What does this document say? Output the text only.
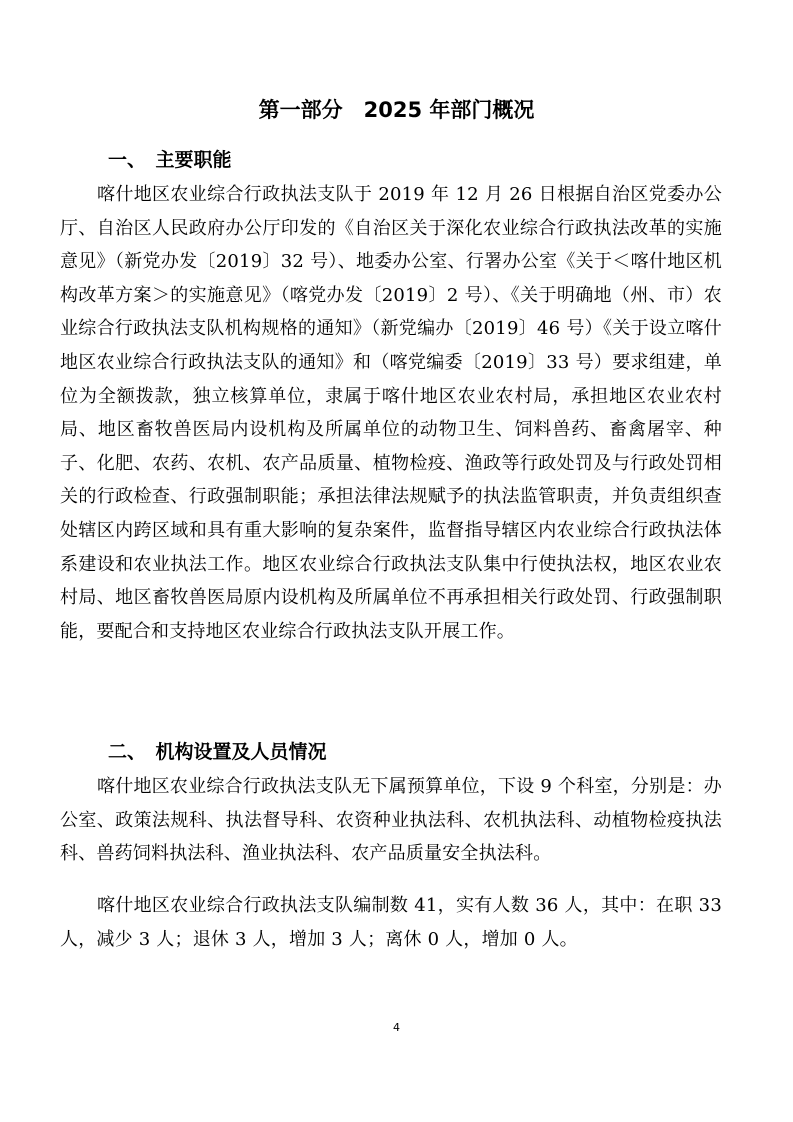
第一部分　2025 年部门概况
一、　主要职能

喀什地区农业综合行政执法支队于 2019 年 12 月 26 日根据自治区党委办公厅、自治区人民政府办公厅印发的《自治区关于深化农业综合行政执法改革的实施意见》（新党办发〔2019〕32 号）、地委办公室、行署办公室《关于＜喀什地区机构改革方案＞的实施意见》（喀党办发〔2019〕2 号）、《关于明确地（州、市）农业综合行政执法支队机构规格的通知》（新党编办〔2019〕46 号）《关于设立喀什地区农业综合行政执法支队的通知》和（喀党编委〔2019〕33 号）要求组建，单位为全额拨款，独立核算单位，隶属于喀什地区农业农村局，承担地区农业农村局、地区畜牧兽医局内设机构及所属单位的动物卫生、饲料兽药、畜禽屠宰、种子、化肥、农药、农机、农产品质量、植物检疫、渔政等行政处罚及与行政处罚相关的行政检查、行政强制职能；承担法律法规赋予的执法监管职责，并负责组织查处辖区内跨区域和具有重大影响的复杂案件，监督指导辖区内农业综合行政执法体系建设和农业执法工作。地区农业综合行政执法支队集中行使执法权，地区农业农村局、地区畜牧兽医局原内设机构及所属单位不再承担相关行政处罚、行政强制职能，要配合和支持地区农业综合行政执法支队开展工作。

二、　机构设置及人员情况

喀什地区农业综合行政执法支队无下属预算单位，下设 9 个科室，分别是：办公室、政策法规科、执法督导科、农资种业执法科、农机执法科、动植物检疫执法科、兽药饲料执法科、渔业执法科、农产品质量安全执法科。

喀什地区农业综合行政执法支队编制数 41，实有人数 36 人，其中：在职 33 人，减少 3 人；退休 3 人，增加 3 人；离休 0 人，增加 0 人。

4
